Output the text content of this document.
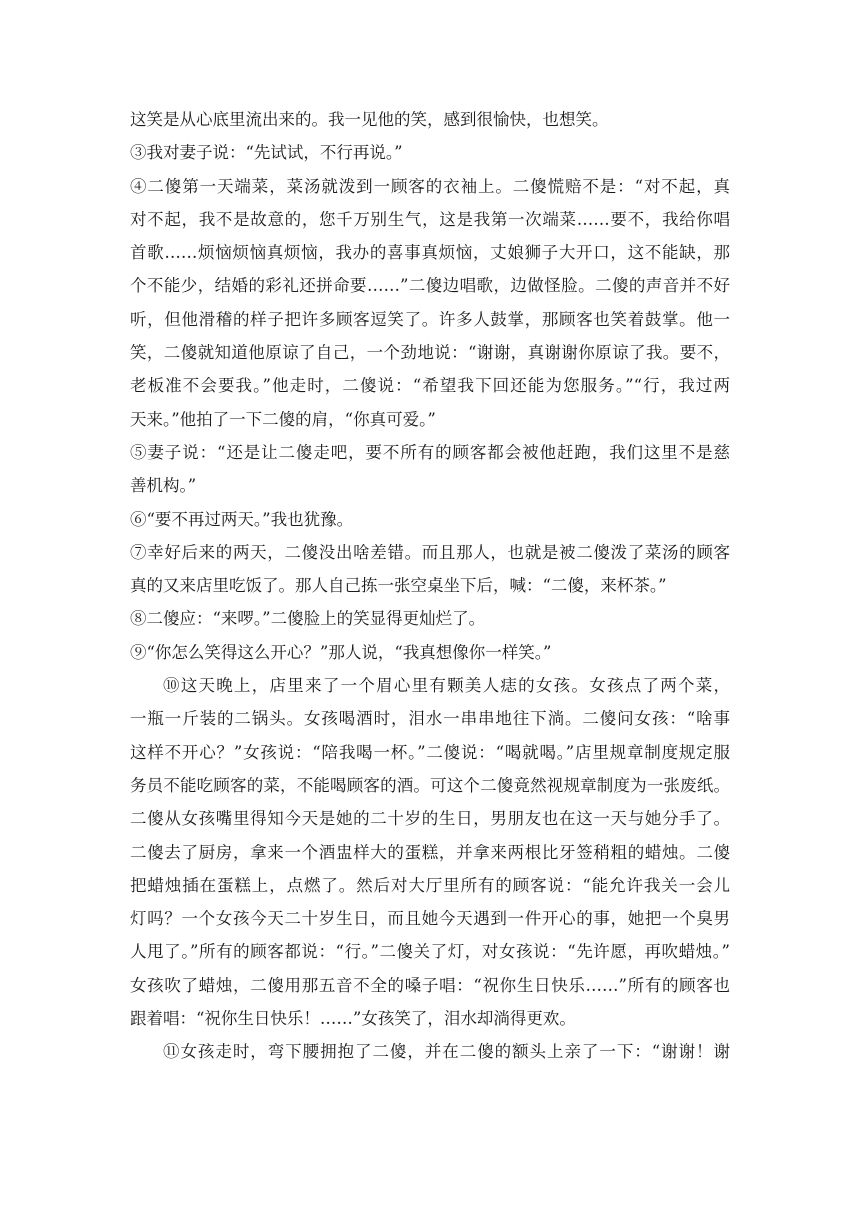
这笑是从心底里流出来的。我一见他的笑，感到很愉快，也想笑。
③我对妻子说：“先试试，不行再说。”
④二傻第一天端菜，菜汤就泼到一顾客的衣袖上。二傻慌赔不是：“对不起，真
对不起，我不是故意的，您千万别生气，这是我第一次端菜……要不，我给你唱
首歌……烦恼烦恼真烦恼，我办的喜事真烦恼，丈娘狮子大开口，这不能缺，那
个不能少，结婚的彩礼还拼命要……”二傻边唱歌，边做怪脸。二傻的声音并不好
听，但他滑稽的样子把许多顾客逗笑了。许多人鼓掌，那顾客也笑着鼓掌。他一
笑，二傻就知道他原谅了自己，一个劲地说：“谢谢，真谢谢你原谅了我。要不，
老板准不会要我。”他走时，二傻说：“希望我下回还能为您服务。”“行，我过两
天来。”他拍了一下二傻的肩，“你真可爱。”
⑤妻子说：“还是让二傻走吧，要不所有的顾客都会被他赶跑，我们这里不是慈
善机构。”
⑥“要不再过两天。”我也犹豫。
⑦幸好后来的两天，二傻没出啥差错。而且那人，也就是被二傻泼了菜汤的顾客
真的又来店里吃饭了。那人自己拣一张空桌坐下后，喊：“二傻，来杯茶。”
⑧二傻应：“来啰。”二傻脸上的笑显得更灿烂了。
⑨“你怎么笑得这么开心？”那人说，“我真想像你一样笑。”
⑩这天晚上，店里来了一个眉心里有颗美人痣的女孩。女孩点了两个菜，
一瓶一斤装的二锅头。女孩喝酒时，泪水一串串地往下淌。二傻问女孩：“啥事
这样不开心？”女孩说：“陪我喝一杯。”二傻说：“喝就喝。”店里规章制度规定服
务员不能吃顾客的菜，不能喝顾客的酒。可这个二傻竟然视规章制度为一张废纸。
二傻从女孩嘴里得知今天是她的二十岁的生日，男朋友也在这一天与她分手了。
二傻去了厨房，拿来一个酒盅样大的蛋糕，并拿来两根比牙签稍粗的蜡烛。二傻
把蜡烛插在蛋糕上，点燃了。然后对大厅里所有的顾客说：“能允许我关一会儿
灯吗？一个女孩今天二十岁生日，而且她今天遇到一件开心的事，她把一个臭男
人甩了。”所有的顾客都说：“行。”二傻关了灯，对女孩说：“先许愿，再吹蜡烛。”
女孩吹了蜡烛，二傻用那五音不全的嗓子唱：“祝你生日快乐……”所有的顾客也
跟着唱：“祝你生日快乐！……”女孩笑了，泪水却淌得更欢。
⑪女孩走时，弯下腰拥抱了二傻，并在二傻的额头上亲了一下：“谢谢！谢
